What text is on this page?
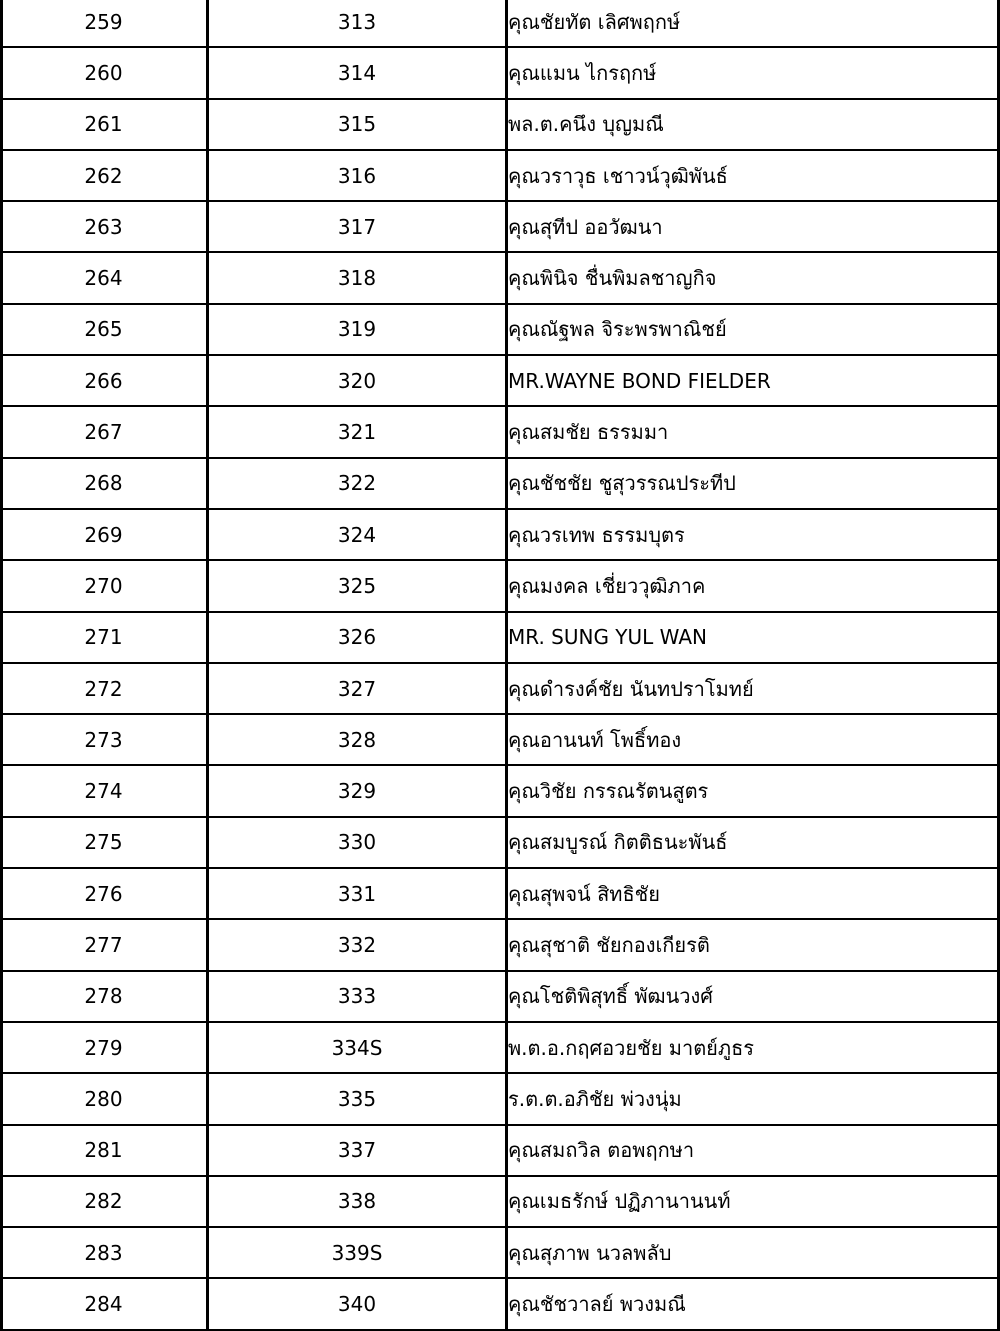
259	313	คุณชัยทัต เลิศพฤกษ์
260	314	คุณแมน ไกรฤกษ์
261	315	พล.ต.คนึง บุญมณี
262	316	คุณวราวุธ เชาวน์วุฒิพันธ์
263	317	คุณสุทีป ออวัฒนา
264	318	คุณพินิจ ชื่นพิมลชาญกิจ
265	319	คุณณัฐพล จิระพรพาณิชย์
266	320	MR.WAYNE BOND FIELDER
267	321	คุณสมชัย ธรรมมา
268	322	คุณชัชชัย ชูสุวรรณประทีป
269	324	คุณวรเทพ ธรรมบุตร
270	325	คุณมงคล เชี่ยววุฒิภาค
271	326	MR. SUNG YUL WAN
272	327	คุณดำรงค์ชัย นันทปราโมทย์
273	328	คุณอานนท์ โพธิ์ทอง
274	329	คุณวิชัย กรรณรัตนสูตร
275	330	คุณสมบูรณ์ กิตติธนะพันธ์
276	331	คุณสุพจน์ สิทธิชัย
277	332	คุณสุชาติ ชัยกองเกียรติ
278	333	คุณโชติพิสุทธิ์ พัฒนวงศ์
279	334S	พ.ต.อ.กฤศอวยชัย มาตย์ภูธร
280	335	ร.ต.ต.อภิชัย พ่วงนุ่ม
281	337	คุณสมถวิล ตอพฤกษา
282	338	คุณเมธรักษ์ ปฏิภานานนท์
283	339S	คุณสุภาพ นวลพลับ
284	340	คุณชัชวาลย์ พวงมณี
